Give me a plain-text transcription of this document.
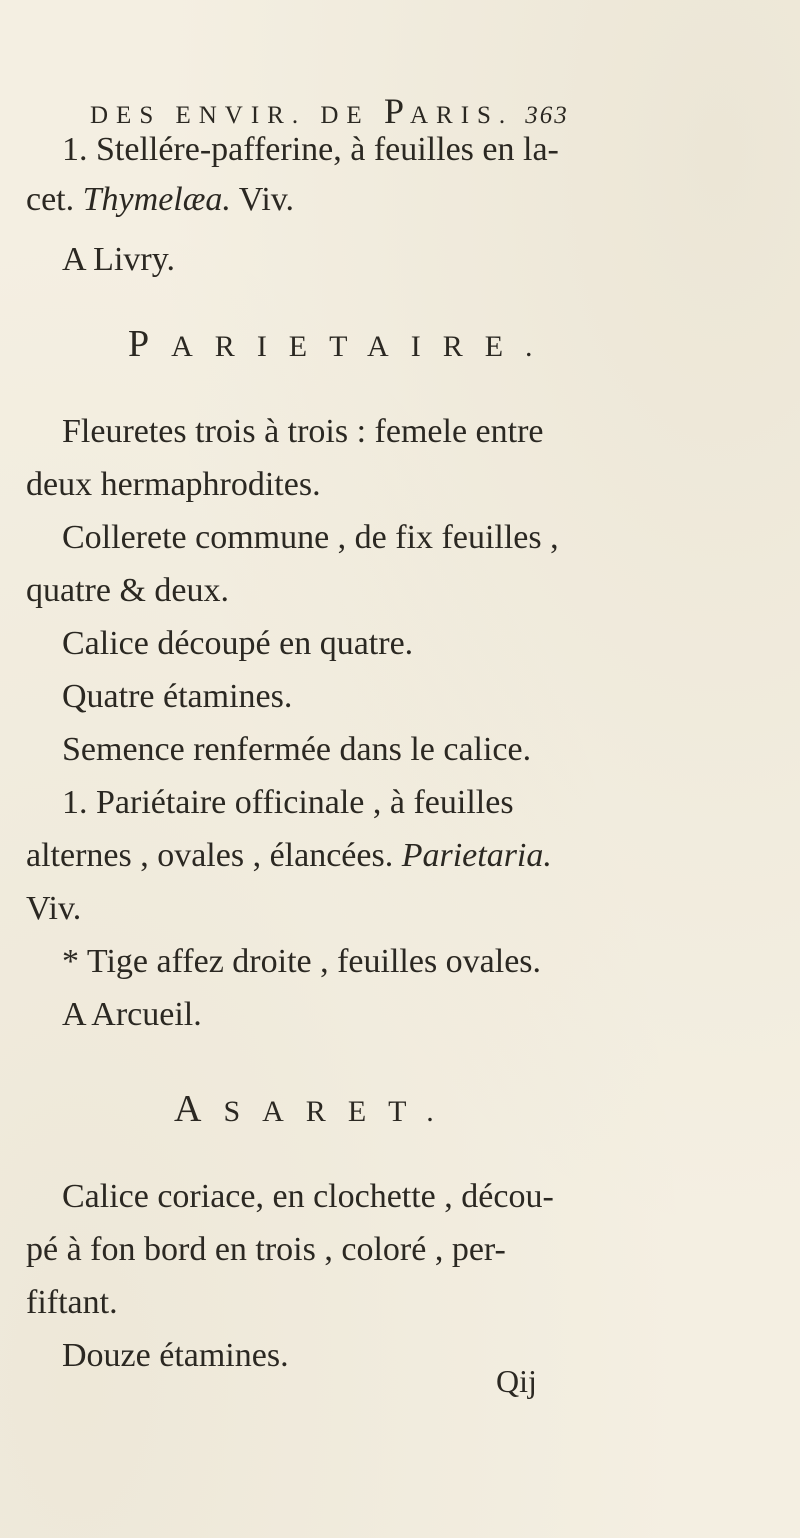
DES ENVIR. DE PARIS. 363
1. Stellére-pafferine, à feuilles en la-
cet. Thymelæa. Viv.
A Livry.
PARIETAIRE.
Fleuretes trois à trois : femele entre
deux hermaphrodites.
Collerete commune , de fix feuilles ,
quatre & deux.
Calice découpé en quatre.
Quatre étamines.
Semence renfermée dans le calice.
1. Pariétaire officinale , à feuilles
alternes , ovales , élancées. Parietaria.
Viv.
* Tige affez droite , feuilles ovales.
A Arcueil.
ASARET.
Calice coriace, en clochette , décou-
pé à fon bord en trois , coloré , per-
fiftant.
Douze étamines.
Qij
